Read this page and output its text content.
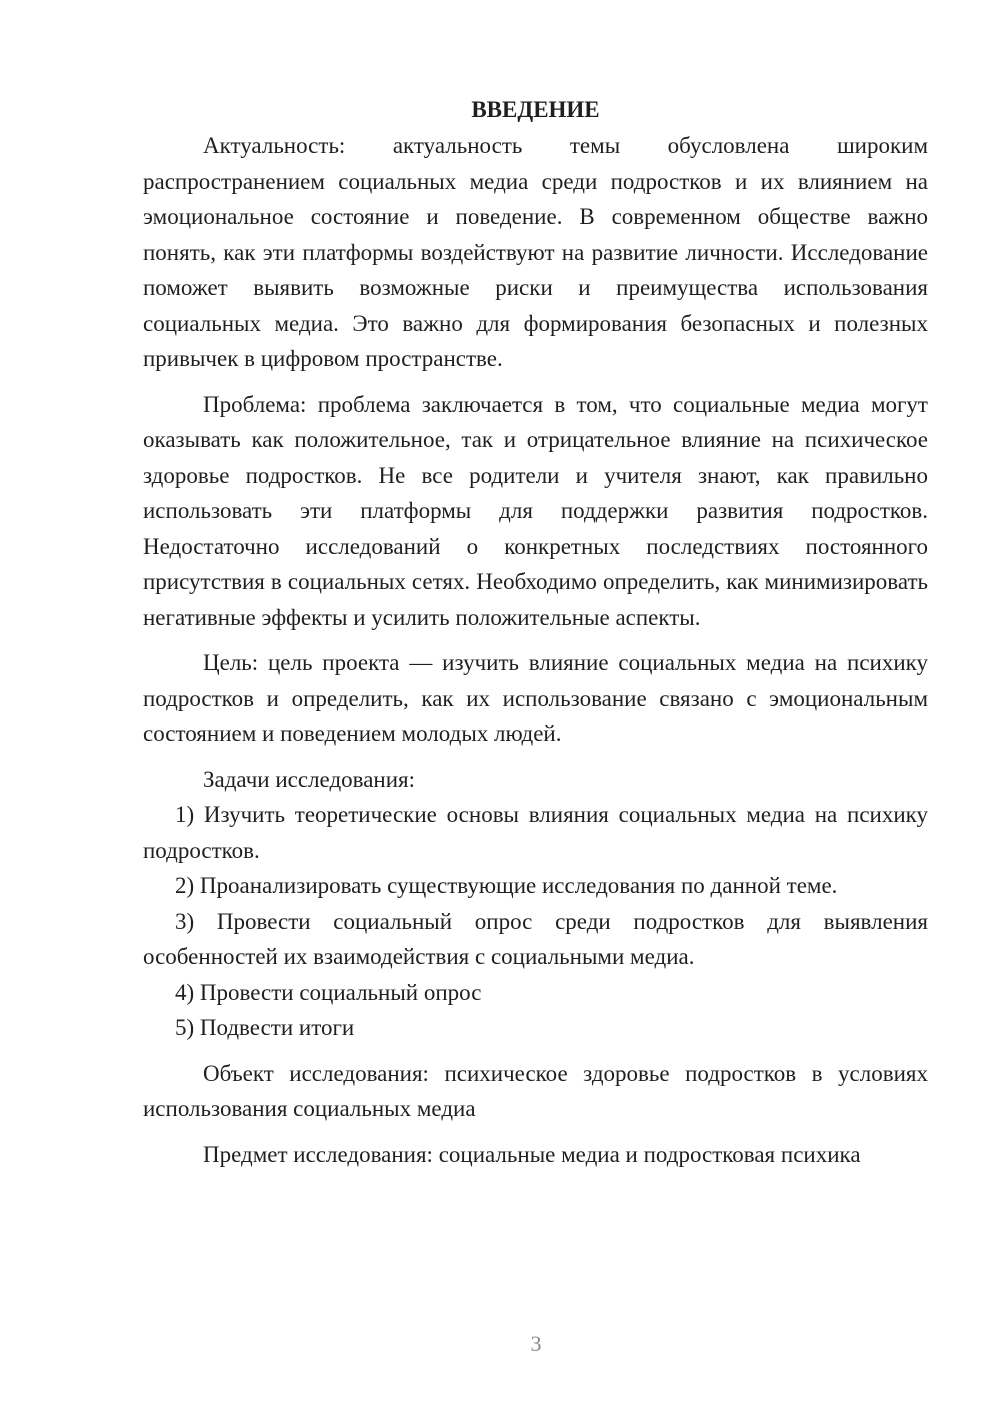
ВВЕДЕНИЕ

Актуальность: актуальность темы обусловлена широким распространением социальных медиа среди подростков и их влиянием на эмоциональное состояние и поведение. В современном обществе важно понять, как эти платформы воздействуют на развитие личности. Исследование поможет выявить возможные риски и преимущества использования социальных медиа. Это важно для формирования безопасных и полезных привычек в цифровом пространстве.

Проблема: проблема заключается в том, что социальные медиа могут оказывать как положительное, так и отрицательное влияние на психическое здоровье подростков. Не все родители и учителя знают, как правильно использовать эти платформы для поддержки развития подростков. Недостаточно исследований о конкретных последствиях постоянного присутствия в социальных сетях. Необходимо определить, как минимизировать негативные эффекты и усилить положительные аспекты.

Цель: цель проекта — изучить влияние социальных медиа на психику подростков и определить, как их использование связано с эмоциональным состоянием и поведением молодых людей.

Задачи исследования:

1) Изучить теоретические основы влияния социальных медиа на психику подростков.

2) Проанализировать существующие исследования по данной теме.

3) Провести социальный опрос среди подростков для выявления особенностей их взаимодействия с социальными медиа.

4) Провести социальный опрос

5) Подвести итоги

Объект исследования: психическое здоровье подростков в условиях использования социальных медиа

Предмет исследования: социальные медиа и подростковая психика

3
